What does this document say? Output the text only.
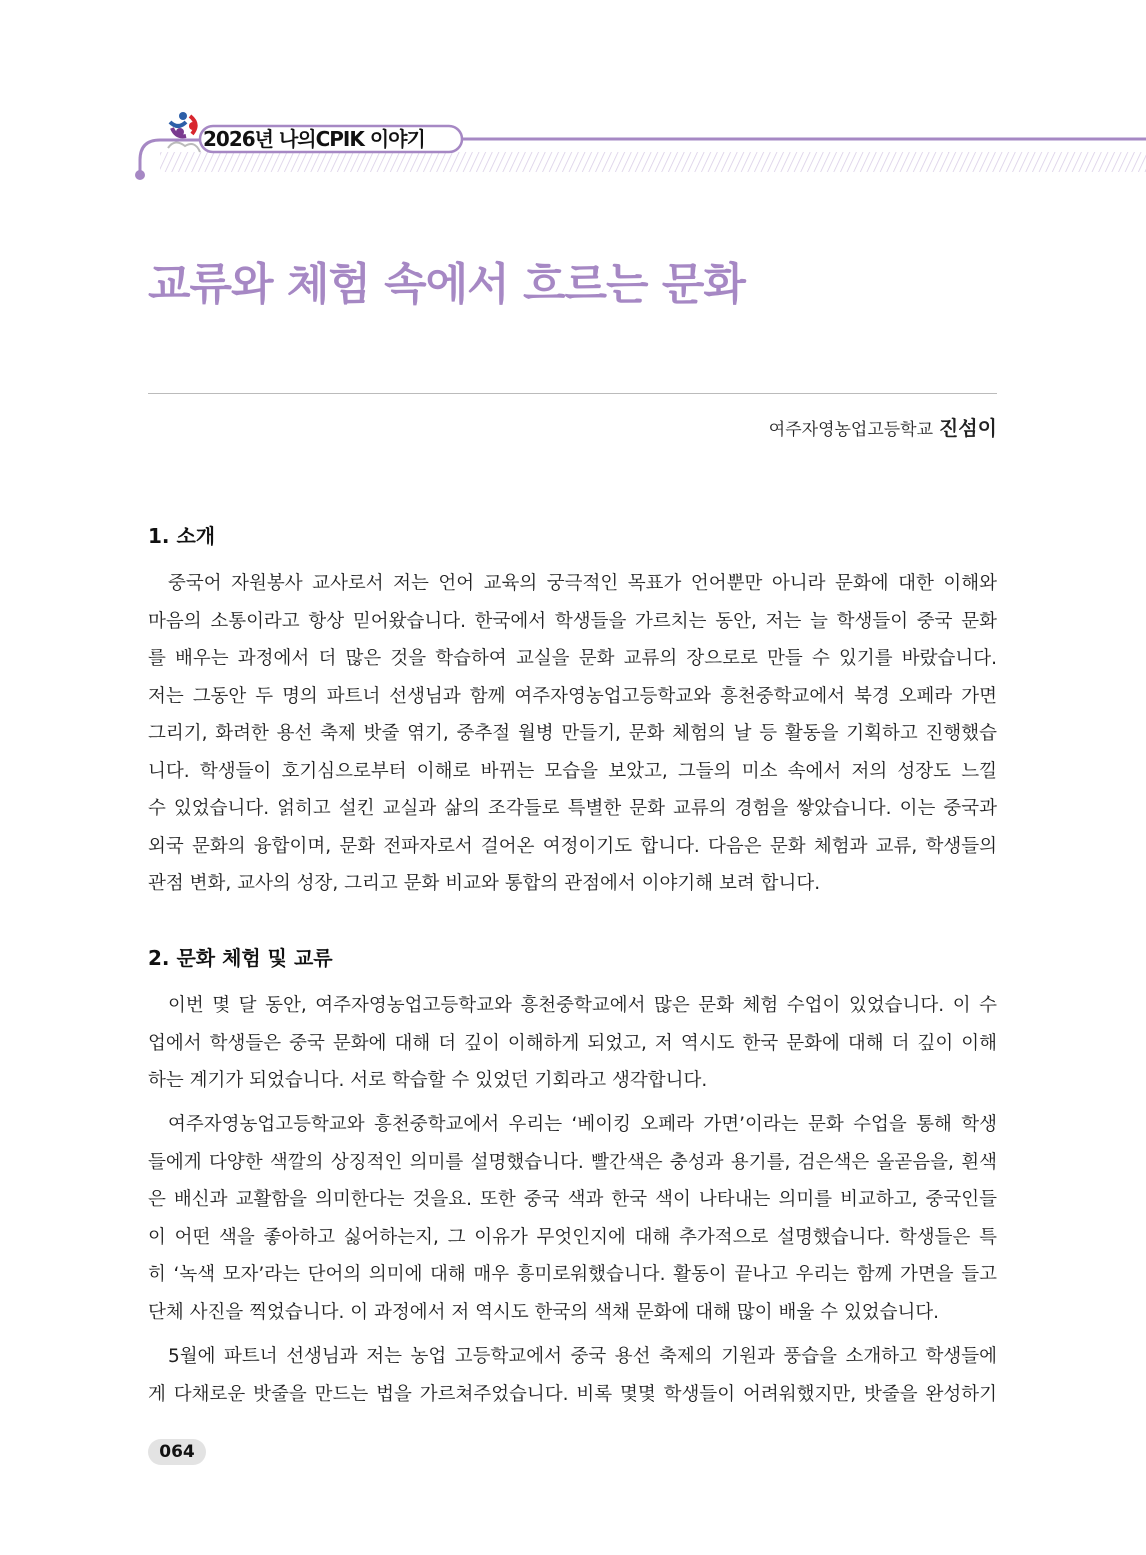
2026년 나의CPIK 이야기
교류와 체험 속에서 흐르는 문화
여주자영농업고등학교 진섬이
1. 소개
중국어 자원봉사 교사로서 저는 언어 교육의 궁극적인 목표가 언어뿐만 아니라 문화에 대한 이해와
마음의 소통이라고 항상 믿어왔습니다. 한국에서 학생들을 가르치는 동안, 저는 늘 학생들이 중국 문화
를 배우는 과정에서 더 많은 것을 학습하여 교실을 문화 교류의 장으로로 만들 수 있기를 바랐습니다.
저는 그동안 두 명의 파트너 선생님과 함께 여주자영농업고등학교와 흥천중학교에서 북경 오페라 가면
그리기, 화려한 용선 축제 밧줄 엮기, 중추절 월병 만들기, 문화 체험의 날 등 활동을 기획하고 진행했습
니다. 학생들이 호기심으로부터 이해로 바뀌는 모습을 보았고, 그들의 미소 속에서 저의 성장도 느낄
수 있었습니다. 얽히고 설킨 교실과 삶의 조각들로 특별한 문화 교류의 경험을 쌓았습니다. 이는 중국과
외국 문화의 융합이며, 문화 전파자로서 걸어온 여정이기도 합니다. 다음은 문화 체험과 교류, 학생들의
관점 변화, 교사의 성장, 그리고 문화 비교와 통합의 관점에서 이야기해 보려 합니다.
2. 문화 체험 및 교류
이번 몇 달 동안, 여주자영농업고등학교와 흥천중학교에서 많은 문화 체험 수업이 있었습니다. 이 수
업에서 학생들은 중국 문화에 대해 더 깊이 이해하게 되었고, 저 역시도 한국 문화에 대해 더 깊이 이해
하는 계기가 되었습니다. 서로 학습할 수 있었던 기회라고 생각합니다.
여주자영농업고등학교와 흥천중학교에서 우리는 ‘베이킹 오페라 가면’이라는 문화 수업을 통해 학생
들에게 다양한 색깔의 상징적인 의미를 설명했습니다. 빨간색은 충성과 용기를, 검은색은 올곧음을, 흰색
은 배신과 교활함을 의미한다는 것을요. 또한 중국 색과 한국 색이 나타내는 의미를 비교하고, 중국인들
이 어떤 색을 좋아하고 싫어하는지, 그 이유가 무엇인지에 대해 추가적으로 설명했습니다. 학생들은 특
히 ‘녹색 모자’라는 단어의 의미에 대해 매우 흥미로워했습니다. 활동이 끝나고 우리는 함께 가면을 들고
단체 사진을 찍었습니다. 이 과정에서 저 역시도 한국의 색채 문화에 대해 많이 배울 수 있었습니다.
5월에 파트너 선생님과 저는 농업 고등학교에서 중국 용선 축제의 기원과 풍습을 소개하고 학생들에
게 다채로운 밧줄을 만드는 법을 가르쳐주었습니다. 비록 몇몇 학생들이 어려워했지만, 밧줄을 완성하기
064
